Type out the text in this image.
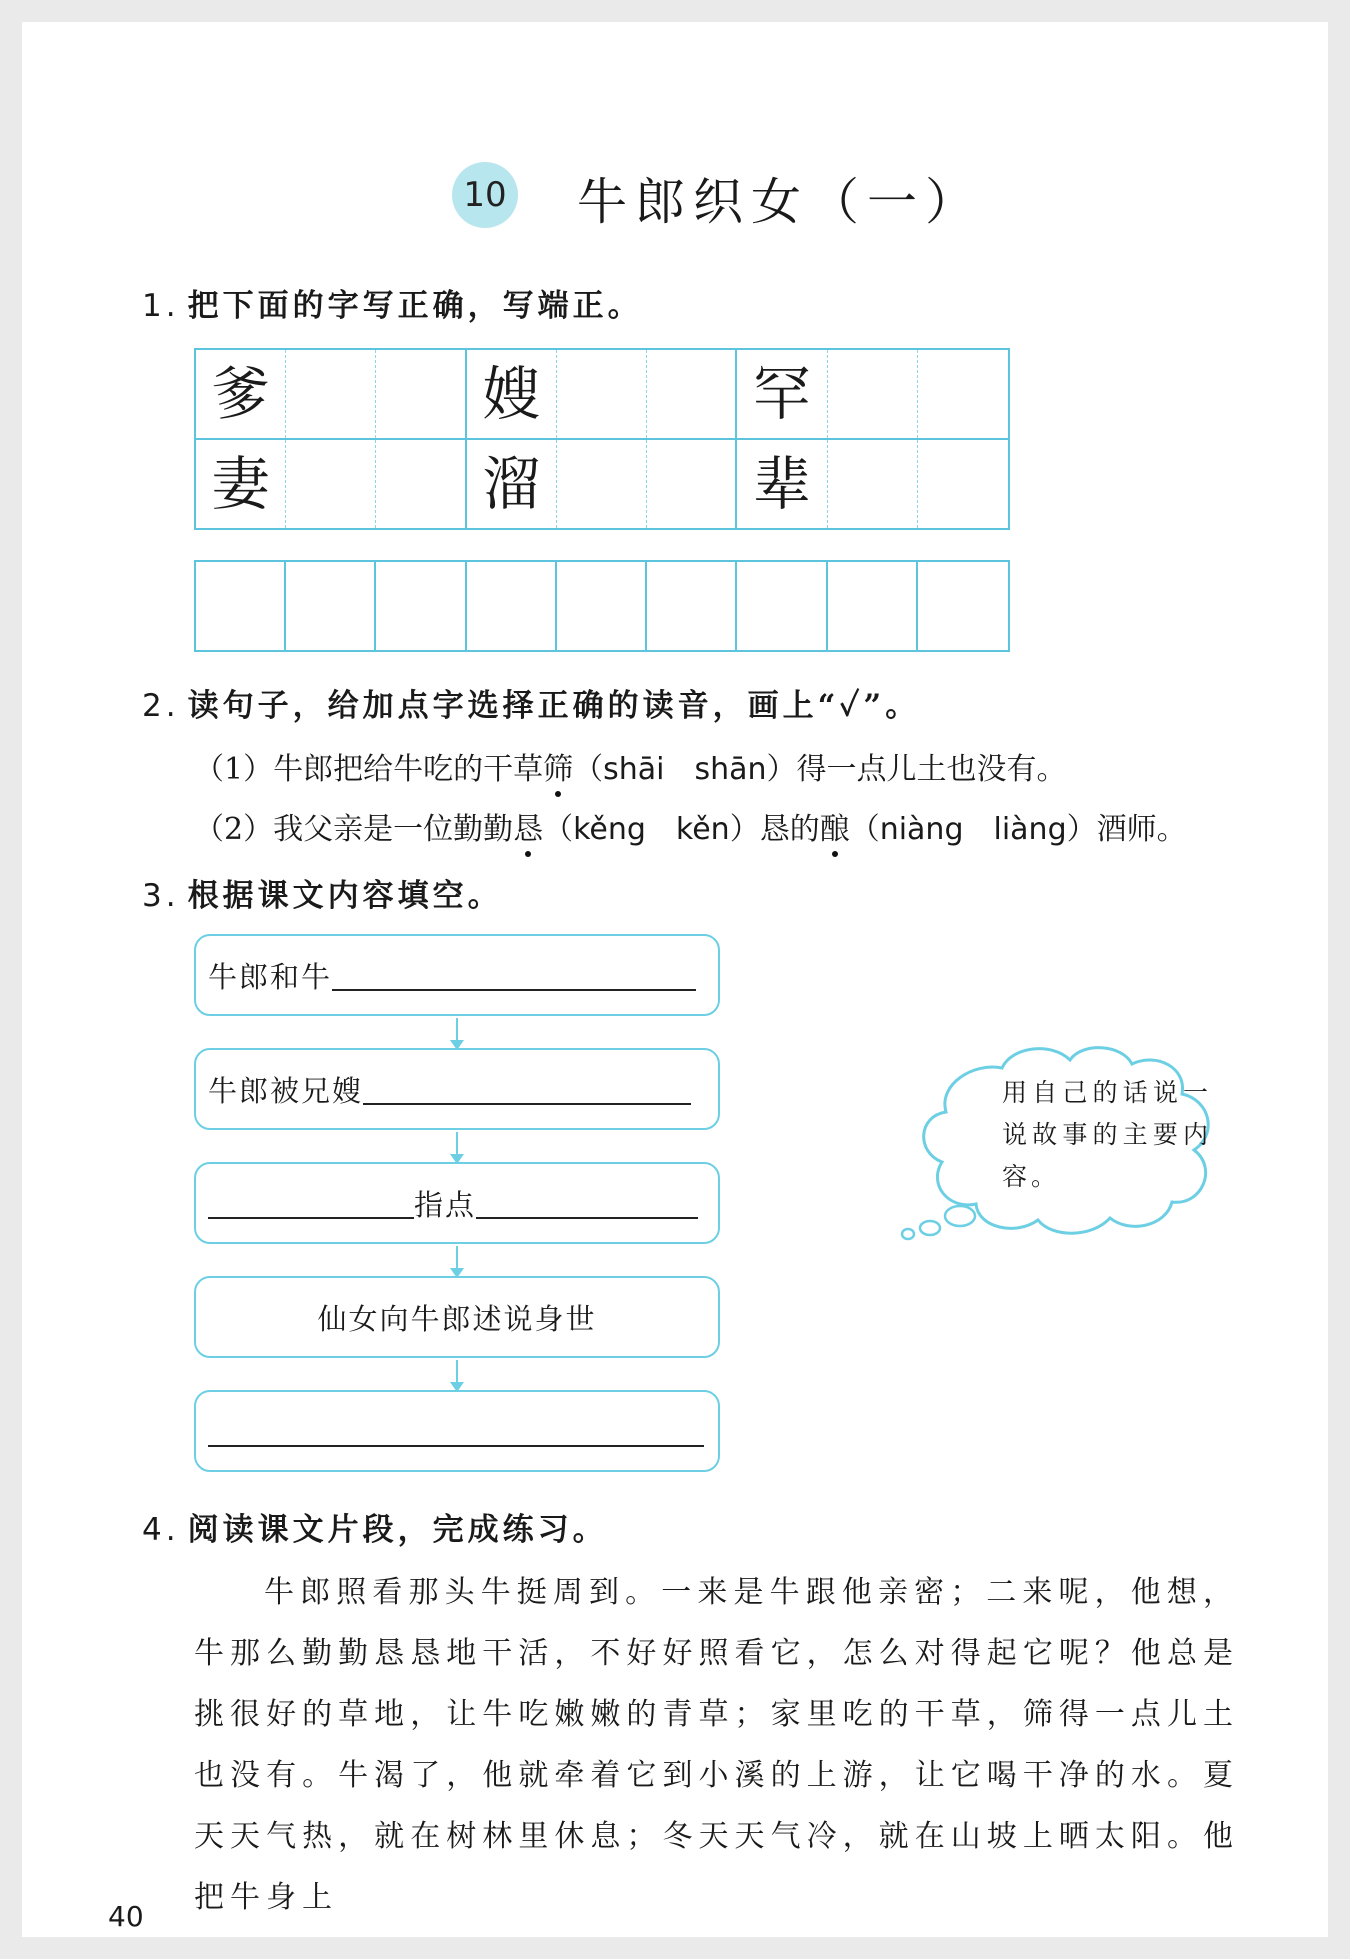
10 牛郎织女（一）
1. 把下面的字写正确，写端正。
爹	嫂	罕
妻	溜	辈
2. 读句子，给加点字选择正确的读音，画上“✓”。
（1）牛郎把给牛吃的干草筛（shāi shān）得一点儿土也没有。
（2）我父亲是一位勤勤恳（kěng kěn）恳的酿（niàng liàng）酒师。
3. 根据课文内容填空。
牛郎和牛
牛郎被兄嫂
指点
仙女向牛郎述说身世
用自己的话说一说故事的主要内容。
4. 阅读课文片段，完成练习。
牛郎照看那头牛挺周到。一来是牛跟他亲密；二来呢，他想，牛那么勤勤恳恳地干活，不好好照看它，怎么对得起它呢？他总是挑很好的草地，让牛吃嫩嫩的青草；家里吃的干草，筛得一点儿土也没有。牛渴了，他就牵着它到小溪的上游，让它喝干净的水。夏天天气热，就在树林里休息；冬天天气冷，就在山坡上晒太阳。他把牛身上
40
